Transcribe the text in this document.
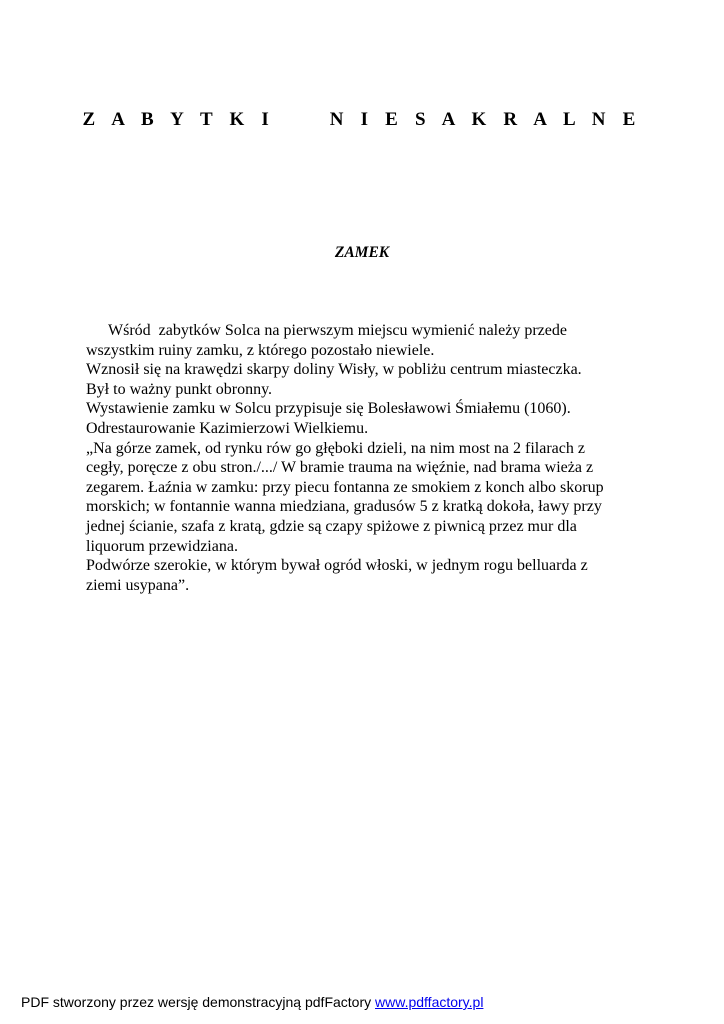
Z A B Y T K I     N I E S A K R A L N E
ZAMEK
Wśród  zabytków Solca na pierwszym miejscu wymienić należy przede
wszystkim ruiny zamku, z którego pozostało niewiele.
Wznosił się na krawędzi skarpy doliny Wisły, w pobliżu centrum miasteczka.
Był to ważny punkt obronny.
Wystawienie zamku w Solcu przypisuje się Bolesławowi Śmiałemu (1060).
Odrestaurowanie Kazimierzowi Wielkiemu.
„Na górze zamek, od rynku rów go głęboki dzieli, na nim most na 2 filarach z
cegły, poręcze z obu stron./.../ W bramie trauma na więźnie, nad brama wieża z
zegarem. Łaźnia w zamku: przy piecu fontanna ze smokiem z konch albo skorup
morskich; w fontannie wanna miedziana, gradusów 5 z kratką dokoła, ławy przy
jednej ścianie, szafa z kratą, gdzie są czapy spiżowe z piwnicą przez mur dla
liquorum przewidziana.
Podwórze szerokie, w którym bywał ogród włoski, w jednym rogu belluarda z
ziemi usypana”.
PDF stworzony przez wersję demonstracyjną pdfFactory www.pdffactory.pl
